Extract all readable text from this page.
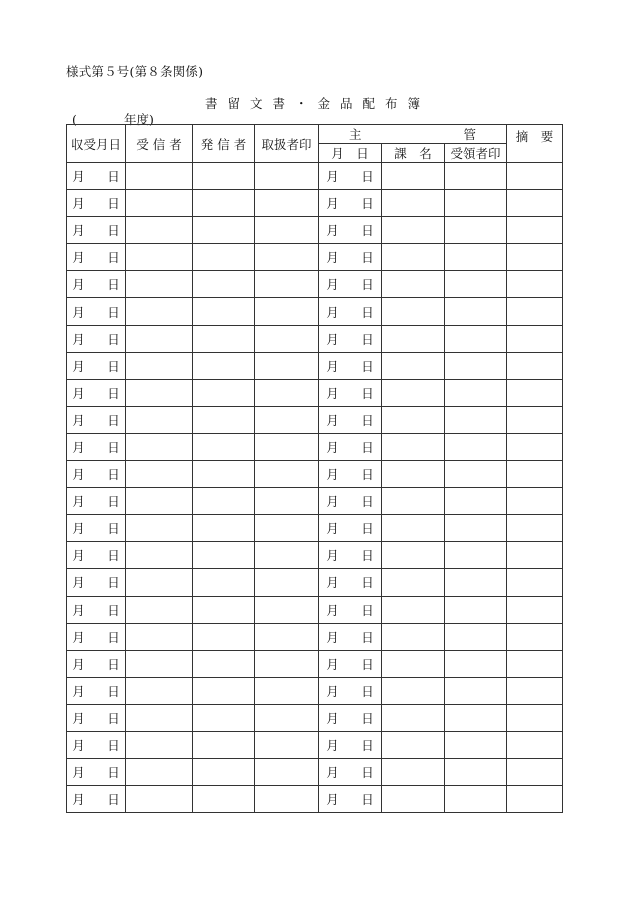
様式第５号(第８条関係)
書留文書・金品配布簿
(	年度)
収受月日	受 信 者	発 信 者	取扱者印	主 管			摘　要
				月　日	課　名	受領者印	
月　 日				月　 日			
月　 日				月　 日			
月　 日				月　 日			
月　 日				月　 日			
月　 日				月　 日			
月　 日				月　 日			
月　 日				月　 日			
月　 日				月　 日			
月　 日				月　 日			
月　 日				月　 日			
月　 日				月　 日			
月　 日				月　 日			
月　 日				月　 日			
月　 日				月　 日			
月　 日				月　 日			
月　 日				月　 日			
月　 日				月　 日			
月　 日				月　 日			
月　 日				月　 日			
月　 日				月　 日			
月　 日				月　 日			
月　 日				月　 日			
月　 日				月　 日			
月　 日				月　 日			
